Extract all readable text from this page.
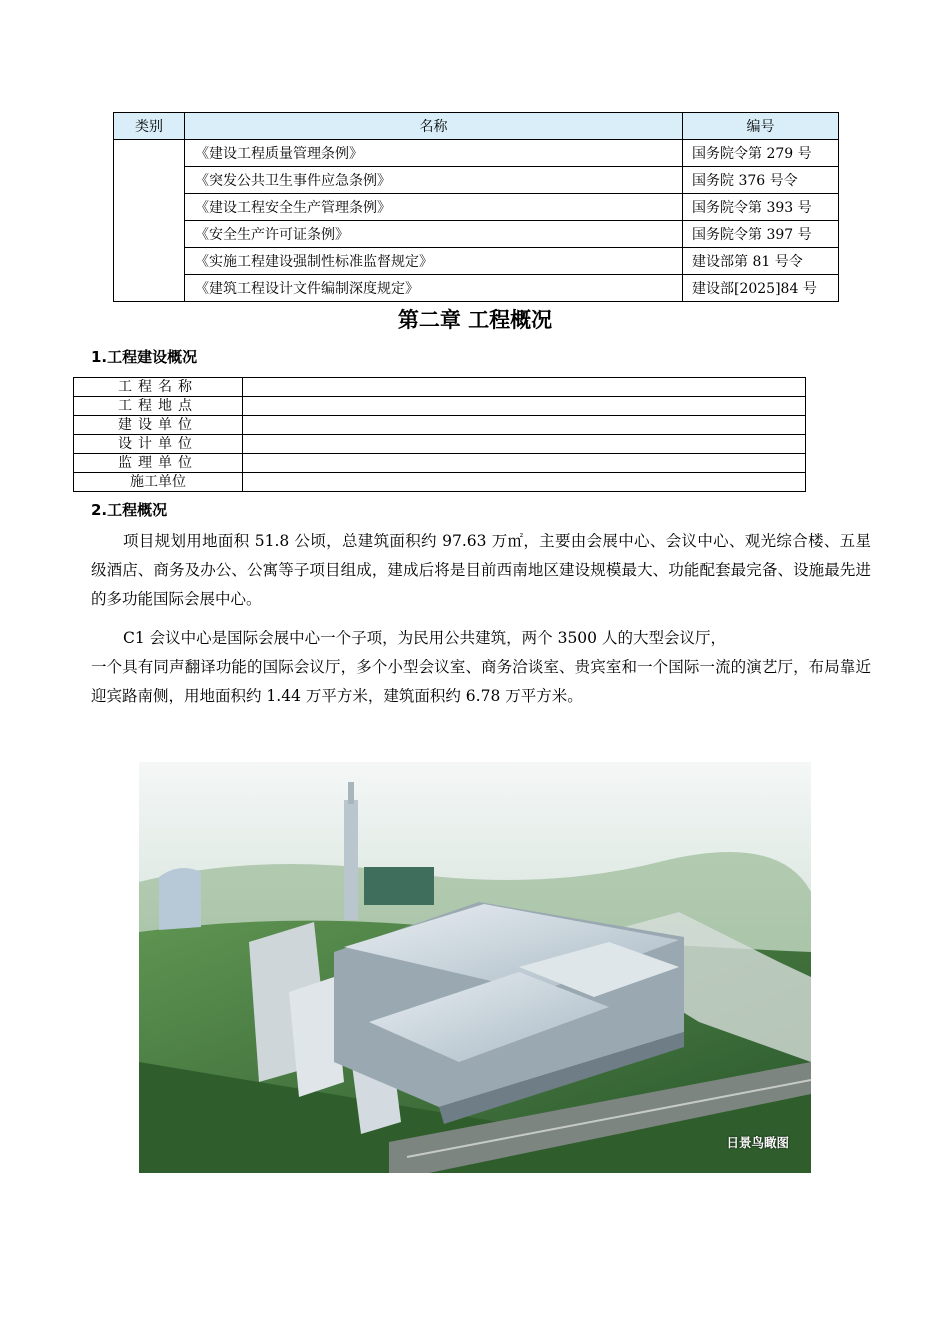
类别	名称	编号
	《建设工程质量管理条例》	国务院令第 279 号
	《突发公共卫生事件应急条例》	国务院 376 号令
	《建设工程安全生产管理条例》	国务院令第 393 号
	《安全生产许可证条例》	国务院令第 397 号
	《实施工程建设强制性标准监督规定》	建设部第 81 号令
	《建筑工程设计文件编制深度规定》	建设部[2025]84 号
第二章 工程概况
1.工程建设概况
工程名称	
工程地点	
建设单位	
设计单位	
监理单位	
施工单位	
2.工程概况
项目规划用地面积 51.8 公顷，总建筑面积约 97.63 万㎡，主要由会展中心、会议中心、观光综合楼、五星级酒店、商务及办公、公寓等子项目组成，建成后将是目前西南地区建设规模最大、功能配套最完备、设施最先进的多功能国际会展中心。
C1 会议中心是国际会展中心一个子项，为民用公共建筑，两个 3500 人的大型会议厅，
一个具有同声翻译功能的国际会议厅，多个小型会议室、商务洽谈室、贵宾室和一个国际一流的演艺厅，布局靠近迎宾路南侧，用地面积约 1.44 万平方米，建筑面积约 6.78 万平方米。
日景鸟瞰图
